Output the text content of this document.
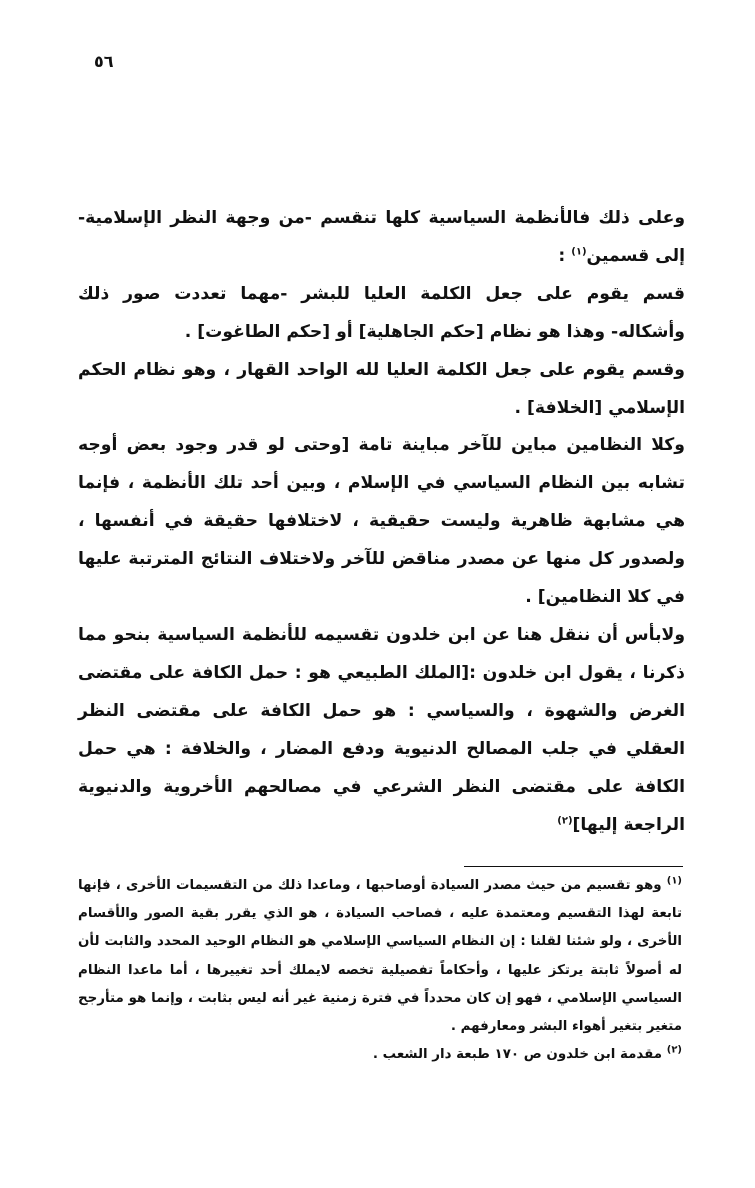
٥٦

وعلى ذلك فالأنظمة السياسية كلها تنقسم -من وجهة النظر الإسلامية- إلى قسمين$^{(١)}$ :

قسم يقوم على جعل الكلمة العليا للبشر -مهما تعددت صور ذلك وأشكاله- وهذا هو نظام [حكم الجاهلية] أو [حكم الطاغوت] .

وقسم يقوم على جعل الكلمة العليا لله الواحد القهار ، وهو نظام الحكم الإسلامي [الخلافة] .

وكلا النظامين مباين للآخر مباينة تامة [وحتى لو قدر وجود بعض أوجه تشابه بين النظام السياسي في الإسلام ، وبين أحد تلك الأنظمة ، فإنما هي مشابهة ظاهرية وليست حقيقية ، لاختلافها حقيقة في أنفسها ، ولصدور كل منها عن مصدر مناقض للآخر ولاختلاف النتائج المترتبة عليها في كلا النظامين] .

ولابأس أن ننقل هنا عن ابن خلدون تقسيمه للأنظمة السياسية بنحو مما ذكرنا ، يقول ابن خلدون :[الملك الطبيعي هو : حمل الكافة على مقتضى الغرض والشهوة ، والسياسي : هو حمل الكافة على مقتضى النظر العقلي في جلب المصالح الدنيوية ودفع المضار ، والخلافة : هي حمل الكافة على مقتضى النظر الشرعي في مصالحهم الأخروية والدنيوية الراجعة إليها]$^{(٢)}$

$^{(١)}$ وهو تقسيم من حيث مصدر السيادة أوصاحبها ، وماعدا ذلك من التقسيمات الأخرى ، فإنها تابعة لهذا التقسيم ومعتمدة عليه ، فصاحب السيادة ، هو الذي يقرر بقية الصور والأقسام الأخرى ، ولو شئنا لقلنا : إن النظام السياسي الإسلامي هو النظام الوحيد المحدد والثابت لأن له أصولاً ثابتة يرتكز عليها ، وأحكاماً تفصيلية تخصه لايملك أحد تغييرها ، أما ماعدا النظام السياسي الإسلامي ، فهو إن كان محدداً في فترة زمنية غير أنه ليس بثابت ، وإنما هو متأرجح متغير بتغير أهواء البشر ومعارفهم .

$^{(٢)}$ مقدمة ابن خلدون ص ١٧٠ طبعة دار الشعب .
